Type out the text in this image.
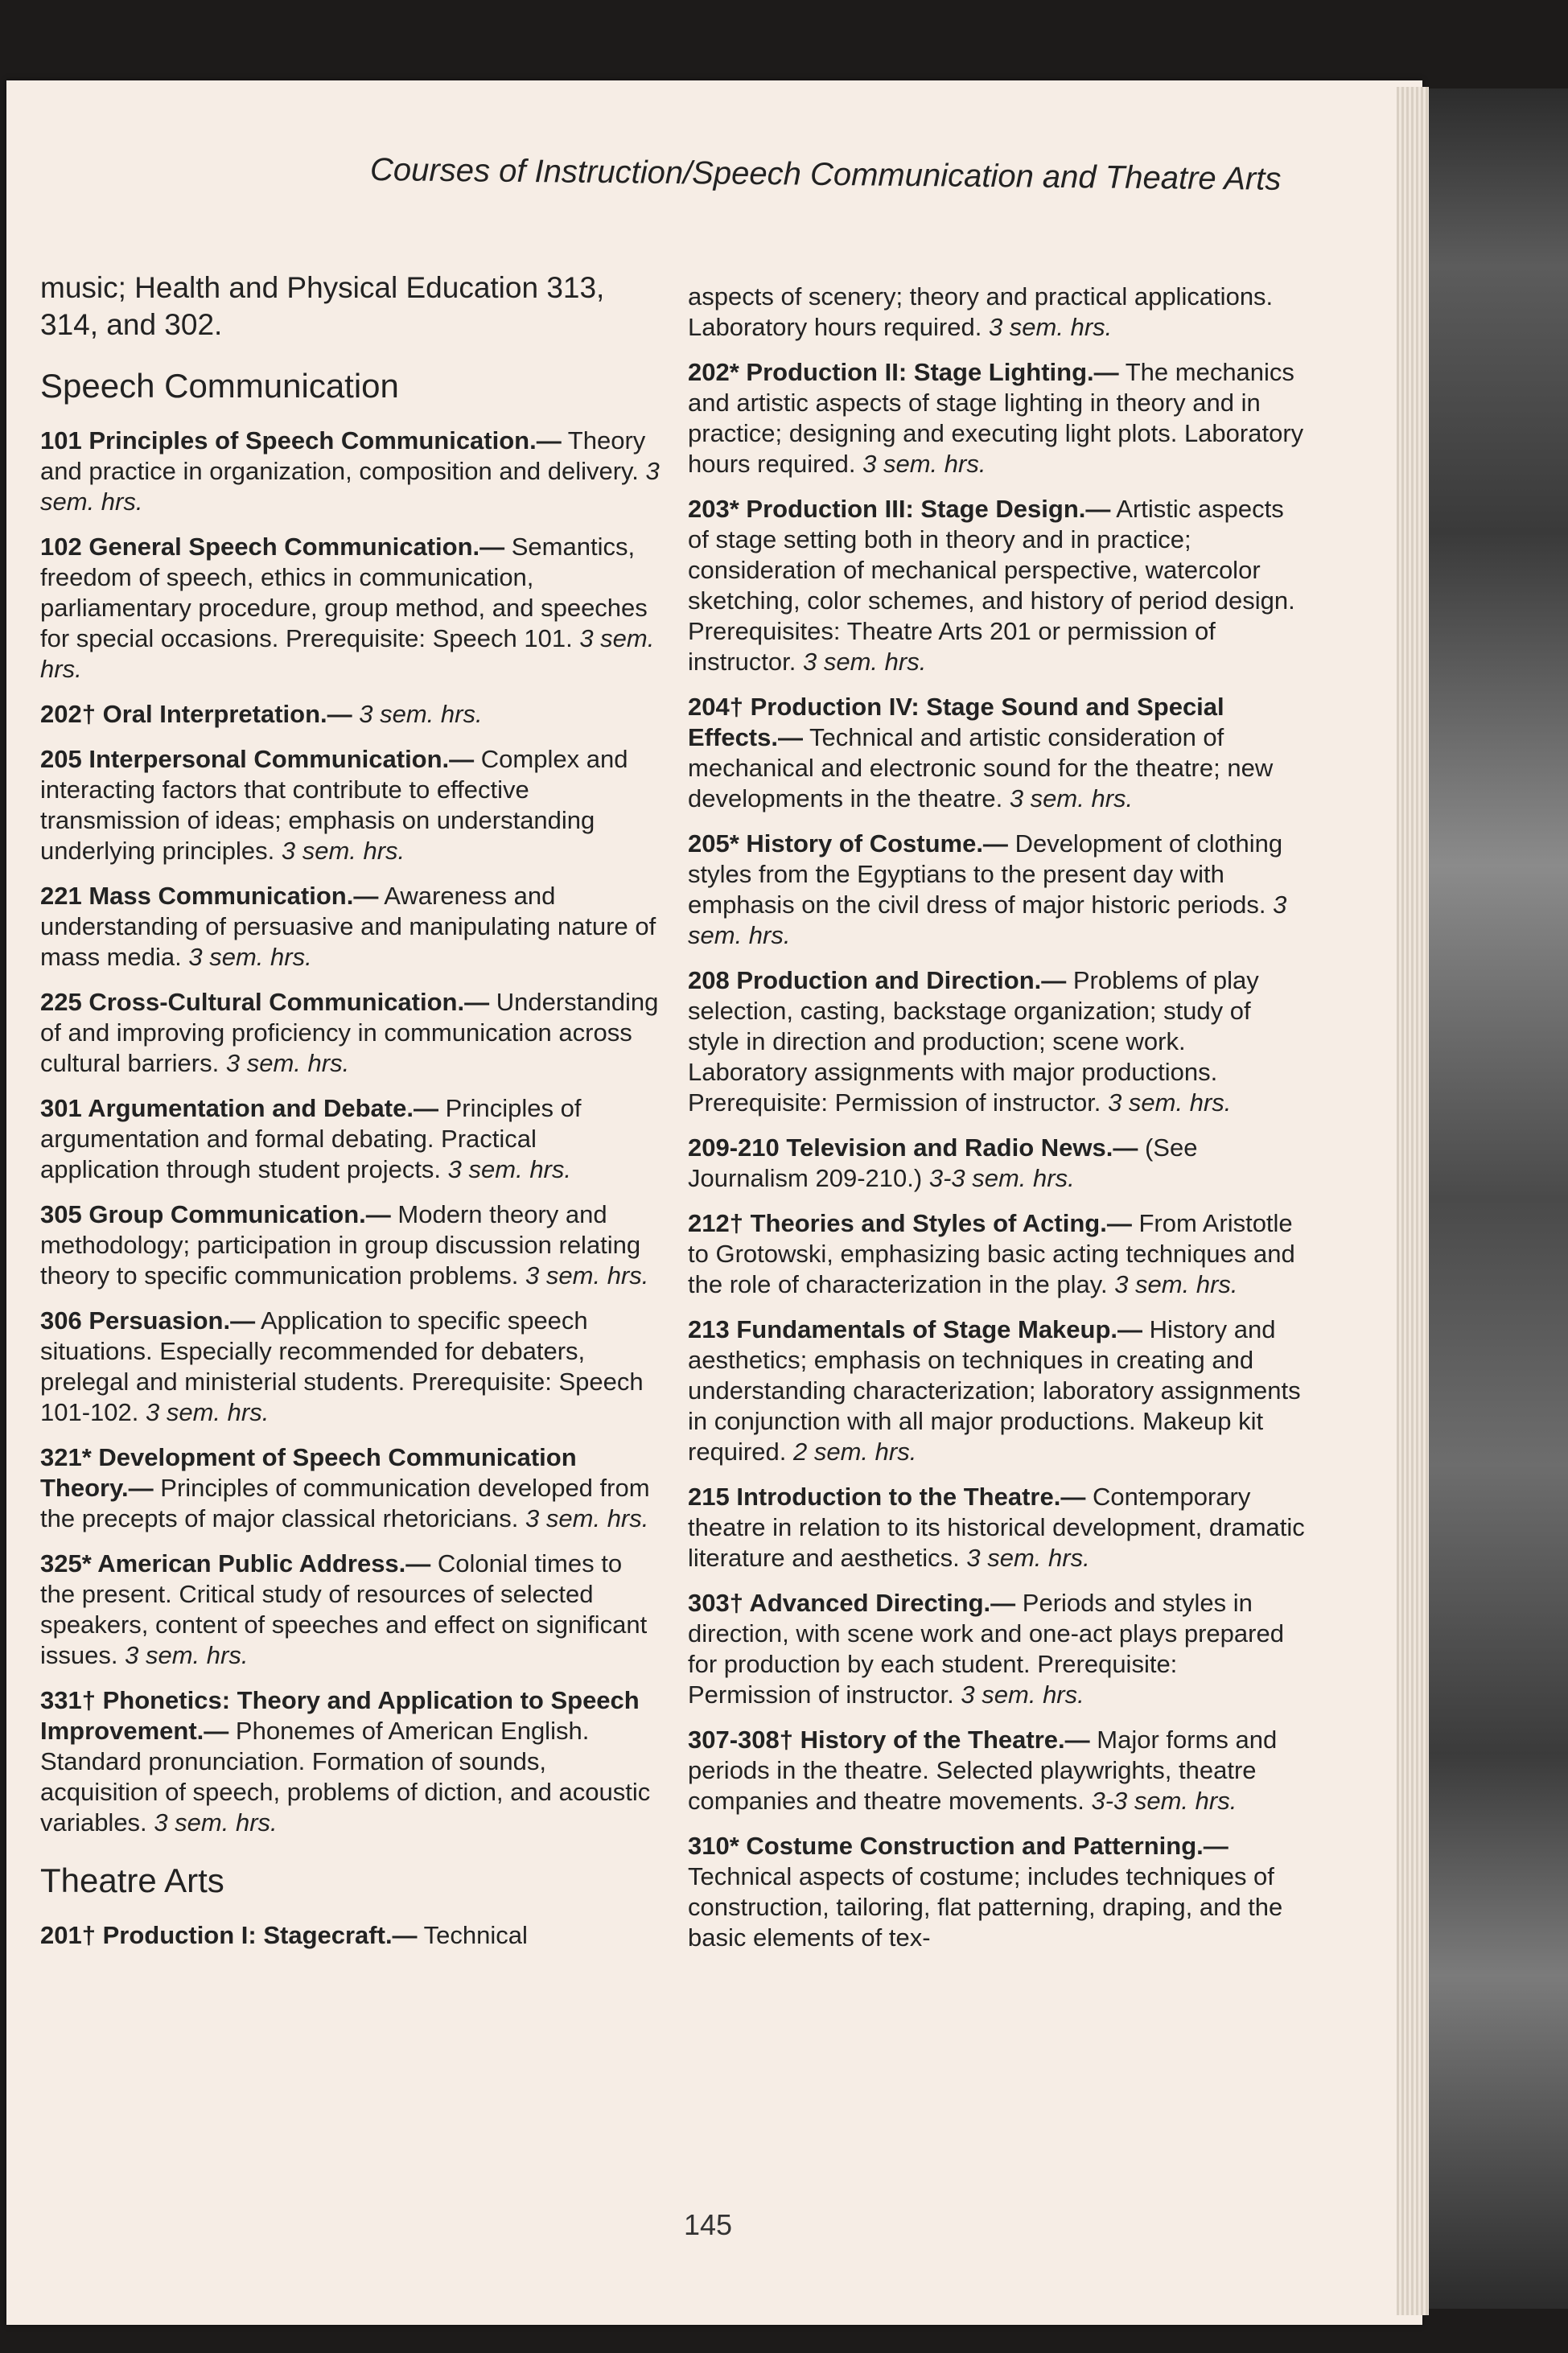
Courses of Instruction/Speech Communication and Theatre Arts
music; Health and Physical Education 313, 314, and 302.
Speech Communication
101 Principles of Speech Communication.— Theory and practice in organization, composition and delivery. 3 sem. hrs.
102 General Speech Communication.— Semantics, freedom of speech, ethics in communication, parliamentary procedure, group method, and speeches for special occasions. Prerequisite: Speech 101. 3 sem. hrs.
202† Oral Interpretation.— 3 sem. hrs.
205 Interpersonal Communication.— Complex and interacting factors that contribute to effective transmission of ideas; emphasis on understanding underlying principles. 3 sem. hrs.
221 Mass Communication.— Awareness and understanding of persuasive and manipulating nature of mass media. 3 sem. hrs.
225 Cross-Cultural Communication.— Understanding of and improving proficiency in communication across cultural barriers. 3 sem. hrs.
301 Argumentation and Debate.— Principles of argumentation and formal debating. Practical application through student projects. 3 sem. hrs.
305 Group Communication.— Modern theory and methodology; participation in group discussion relating theory to specific communication problems. 3 sem. hrs.
306 Persuasion.— Application to specific speech situations. Especially recommended for debaters, prelegal and ministerial students. Prerequisite: Speech 101-102. 3 sem. hrs.
321* Development of Speech Communication Theory.— Principles of communication developed from the precepts of major classical rhetoricians. 3 sem. hrs.
325* American Public Address.— Colonial times to the present. Critical study of resources of selected speakers, content of speeches and effect on significant issues. 3 sem. hrs.
331† Phonetics: Theory and Application to Speech Improvement.— Phonemes of American English. Standard pronunciation. Formation of sounds, acquisition of speech, problems of diction, and acoustic variables. 3 sem. hrs.
Theatre Arts
201† Production I: Stagecraft.— Technical
aspects of scenery; theory and practical applications. Laboratory hours required. 3 sem. hrs.
202* Production II: Stage Lighting.— The mechanics and artistic aspects of stage lighting in theory and in practice; designing and executing light plots. Laboratory hours required. 3 sem. hrs.
203* Production III: Stage Design.— Artistic aspects of stage setting both in theory and in practice; consideration of mechanical perspective, watercolor sketching, color schemes, and history of period design. Prerequisites: Theatre Arts 201 or permission of instructor. 3 sem. hrs.
204† Production IV: Stage Sound and Special Effects.— Technical and artistic consideration of mechanical and electronic sound for the theatre; new developments in the theatre. 3 sem. hrs.
205* History of Costume.— Development of clothing styles from the Egyptians to the present day with emphasis on the civil dress of major historic periods. 3 sem. hrs.
208 Production and Direction.— Problems of play selection, casting, backstage organization; study of style in direction and production; scene work. Laboratory assignments with major productions. Prerequisite: Permission of instructor. 3 sem. hrs.
209-210 Television and Radio News.— (See Journalism 209-210.) 3-3 sem. hrs.
212† Theories and Styles of Acting.— From Aristotle to Grotowski, emphasizing basic acting techniques and the role of characterization in the play. 3 sem. hrs.
213 Fundamentals of Stage Makeup.— History and aesthetics; emphasis on techniques in creating and understanding characterization; laboratory assignments in conjunction with all major productions. Makeup kit required. 2 sem. hrs.
215 Introduction to the Theatre.— Contemporary theatre in relation to its historical development, dramatic literature and aesthetics. 3 sem. hrs.
303† Advanced Directing.— Periods and styles in direction, with scene work and one-act plays prepared for production by each student. Prerequisite: Permission of instructor. 3 sem. hrs.
307-308† History of the Theatre.— Major forms and periods in the theatre. Selected playwrights, theatre companies and theatre movements. 3-3 sem. hrs.
310* Costume Construction and Patterning.— Technical aspects of costume; includes techniques of construction, tailoring, flat patterning, draping, and the basic elements of tex-
145
